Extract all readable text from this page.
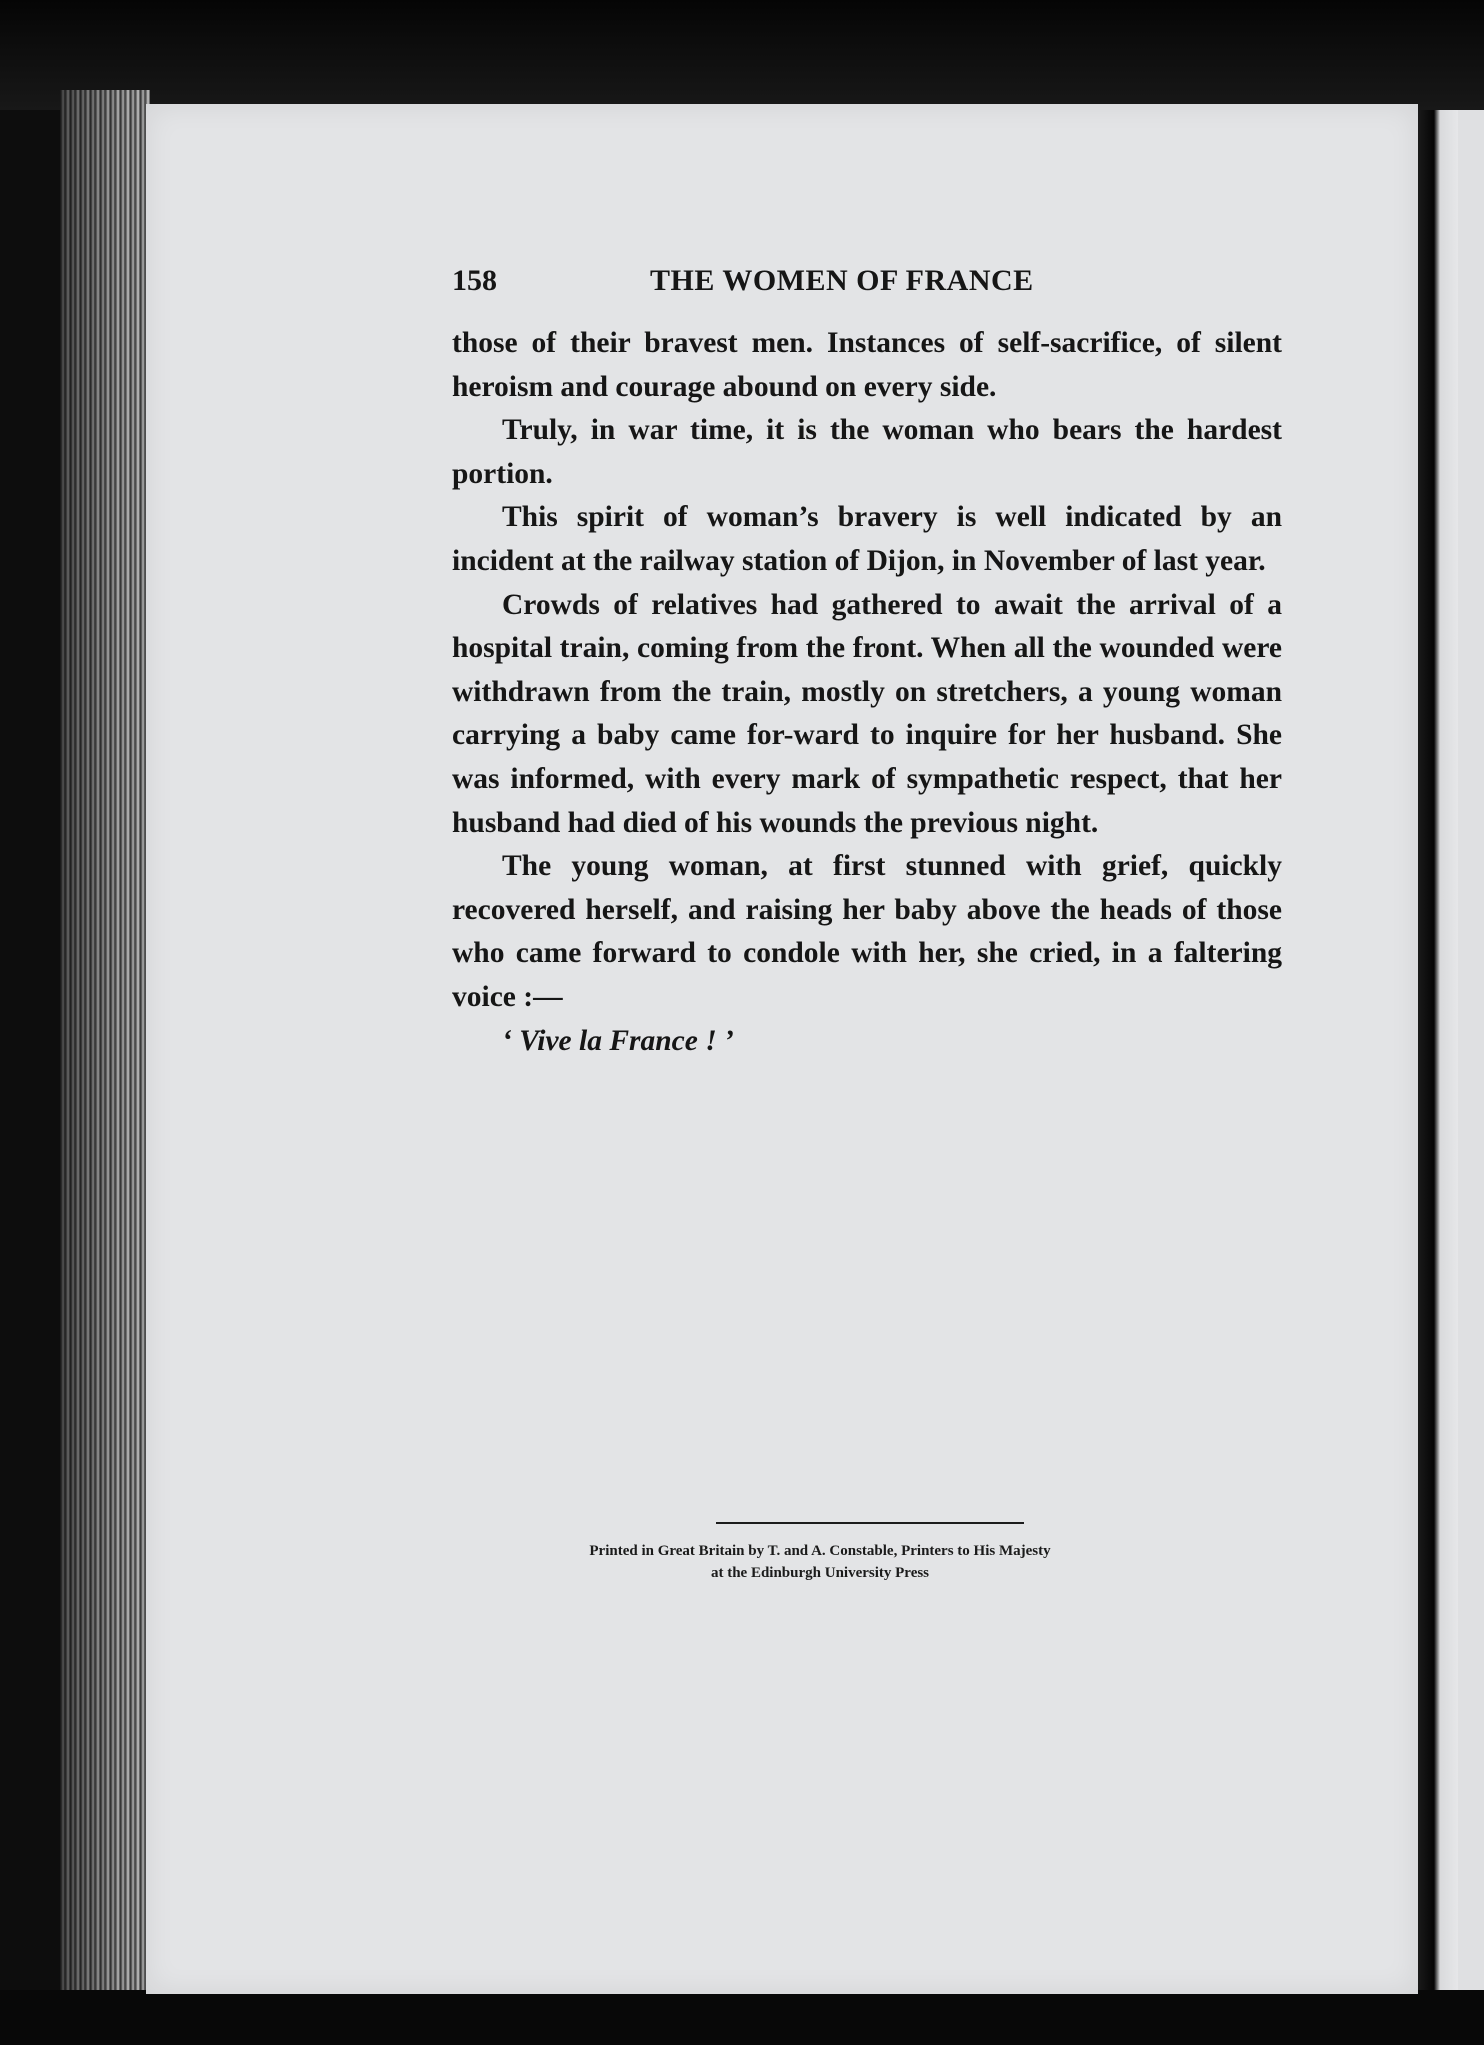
158	THE WOMEN OF FRANCE

those of their bravest men. Instances of self-sacrifice, of silent heroism and courage abound on every side.

Truly, in war time, it is the woman who bears the hardest portion.

This spirit of woman’s bravery is well indicated by an incident at the railway station of Dijon, in November of last year.

Crowds of relatives had gathered to await the arrival of a hospital train, coming from the front. When all the wounded were withdrawn from the train, mostly on stretchers, a young woman carrying a baby came for-ward to inquire for her husband. She was informed, with every mark of sympathetic respect, that her husband had died of his wounds the previous night.

The young woman, at first stunned with grief, quickly recovered herself, and raising her baby above the heads of those who came forward to condole with her, she cried, in a faltering voice :—

‘ Vive la France ! ’

Printed in Great Britain by T. and A. Constable, Printers to His Majesty
at the Edinburgh University Press
